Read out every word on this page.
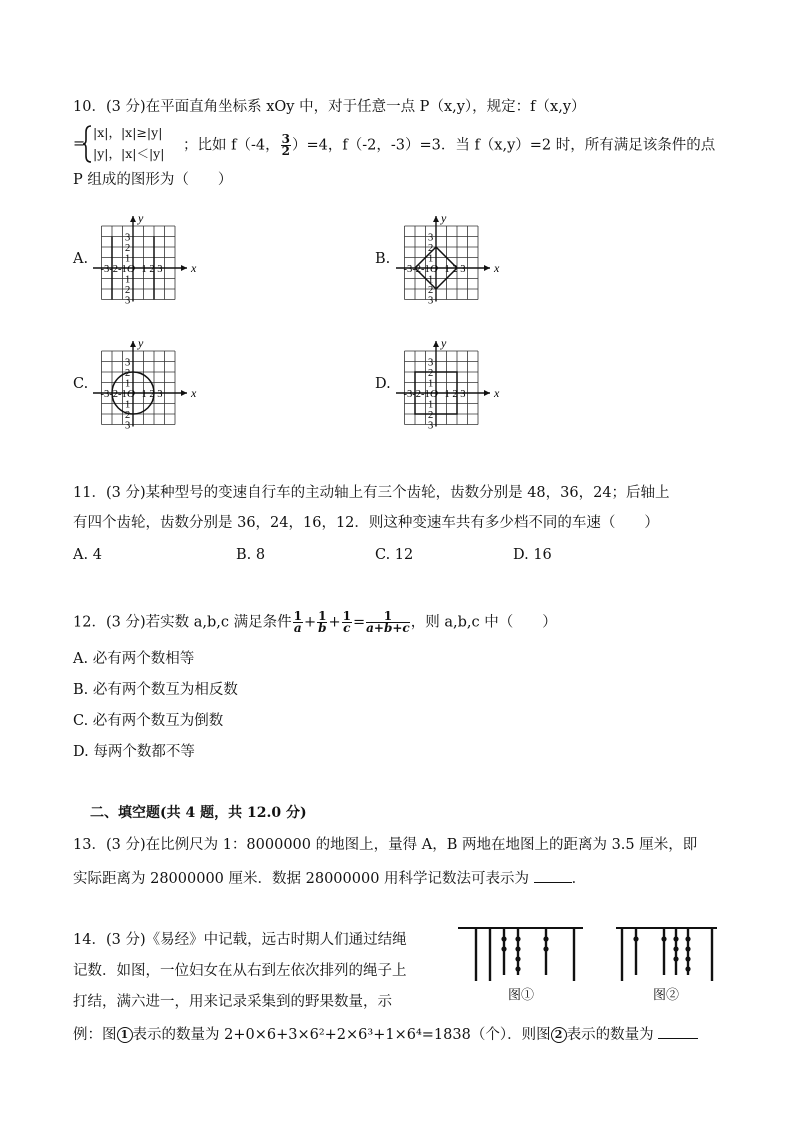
10．(3 分)在平面直角坐标系 xOy 中，对于任意一点 P（x,y），规定：f（x,y）
=
|x|，|x|≥|y|
|y|，|x|＜|y| ；比如 f（-4， $\frac{3}{2} )=4$，f（-2，-3）=3．当 f（x,y）=2 时，所有满足该条件的点
P 组成的图形为（　　）
A.	B.
C.	D.
x
y
-3-2-1 1 2 3
O
3
2
1
1
2
3
x
y
-3-2-1 1 2 3
O
3
2
1
1
2
3
x
y
-3-2-1 1 2 3
O
3
2
1
1
2
3
x
y
-3-2-1 1 2 3
O
3
2
1
1
2
3
11．(3 分)某种型号的变速自行车的主动轴上有三个齿轮，齿数分别是 48，36，24；后轴上
有四个齿轮，齿数分别是 36，24，16，12．则这种变速车共有多少档不同的车速（　　）
A. 4	B. 8	C. 12	D. 16
12．(3 分)若实数 a,b,c 满足条件 $\frac{1}{a} + \frac{1}{b} + \frac{1}{c} = \frac{1}{a+b+c}$ ，则 a,b,c 中（　　）
A. 必有两个数相等
B. 必有两个数互为相反数
C. 必有两个数互为倒数
D. 每两个数都不等
二、填空题(共 4 题，共 12.0 分)
13．(3 分)在比例尺为 1：8000000 的地图上，量得 A，B 两地在地图上的距离为 3.5 厘米，即
实际距离为 28000000 厘米．数据 28000000 用科学记数法可表示为	．
14．(3 分)《易经》中记载，远古时期人们通过结绳
记数．如图，一位妇女在从右到左依次排列的绳子上
打结，满六进一，用来记录采集到的野果数量，示
例：图 1 表示的数量为 2+0×6+3×6²+2×6³+1×6⁴=1838（个）．则图 2 表示的数量为
图①	图②
